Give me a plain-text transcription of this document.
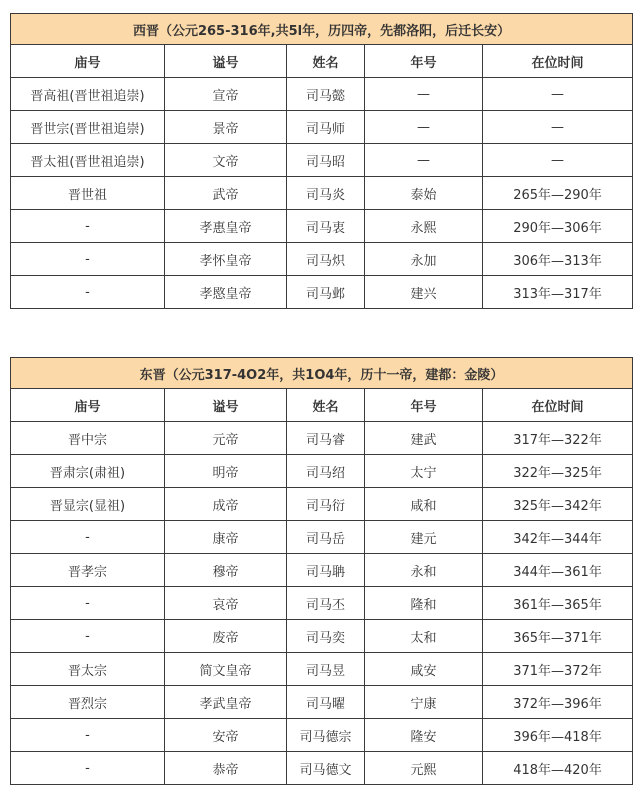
西晋（公元265-316年,共5l年，历四帝，先都洛阳，后迁长安）				
庙号	谥号	姓名	年号	在位时间
晋高祖(晋世祖追崇)	宣帝	司马懿	—	—
晋世宗(晋世祖追崇)	景帝	司马师	—	—
晋太祖(晋世祖追崇)	文帝	司马昭	—	—
晋世祖	武帝	司马炎	泰始	265年—290年
-	孝惠皇帝	司马衷	永熙	290年—306年
-	孝怀皇帝	司马炽	永加	306年—313年
-	孝愍皇帝	司马邺	建兴	313年—317年
东晋（公元317-4O2年，共1O4年，历十一帝，建都：金陵）				
庙号	谥号	姓名	年号	在位时间
晋中宗	元帝	司马睿	建武	317年—322年
晋肃宗(肃祖)	明帝	司马绍	太宁	322年—325年
晋显宗(显祖)	成帝	司马衍	咸和	325年—342年
-	康帝	司马岳	建元	342年—344年
晋孝宗	穆帝	司马聃	永和	344年—361年
-	哀帝	司马丕	隆和	361年—365年
-	废帝	司马奕	太和	365年—371年
晋太宗	简文皇帝	司马昱	咸安	371年—372年
晋烈宗	孝武皇帝	司马曜	宁康	372年—396年
-	安帝	司马德宗	隆安	396年—418年
-	恭帝	司马德文	元熙	418年—420年
